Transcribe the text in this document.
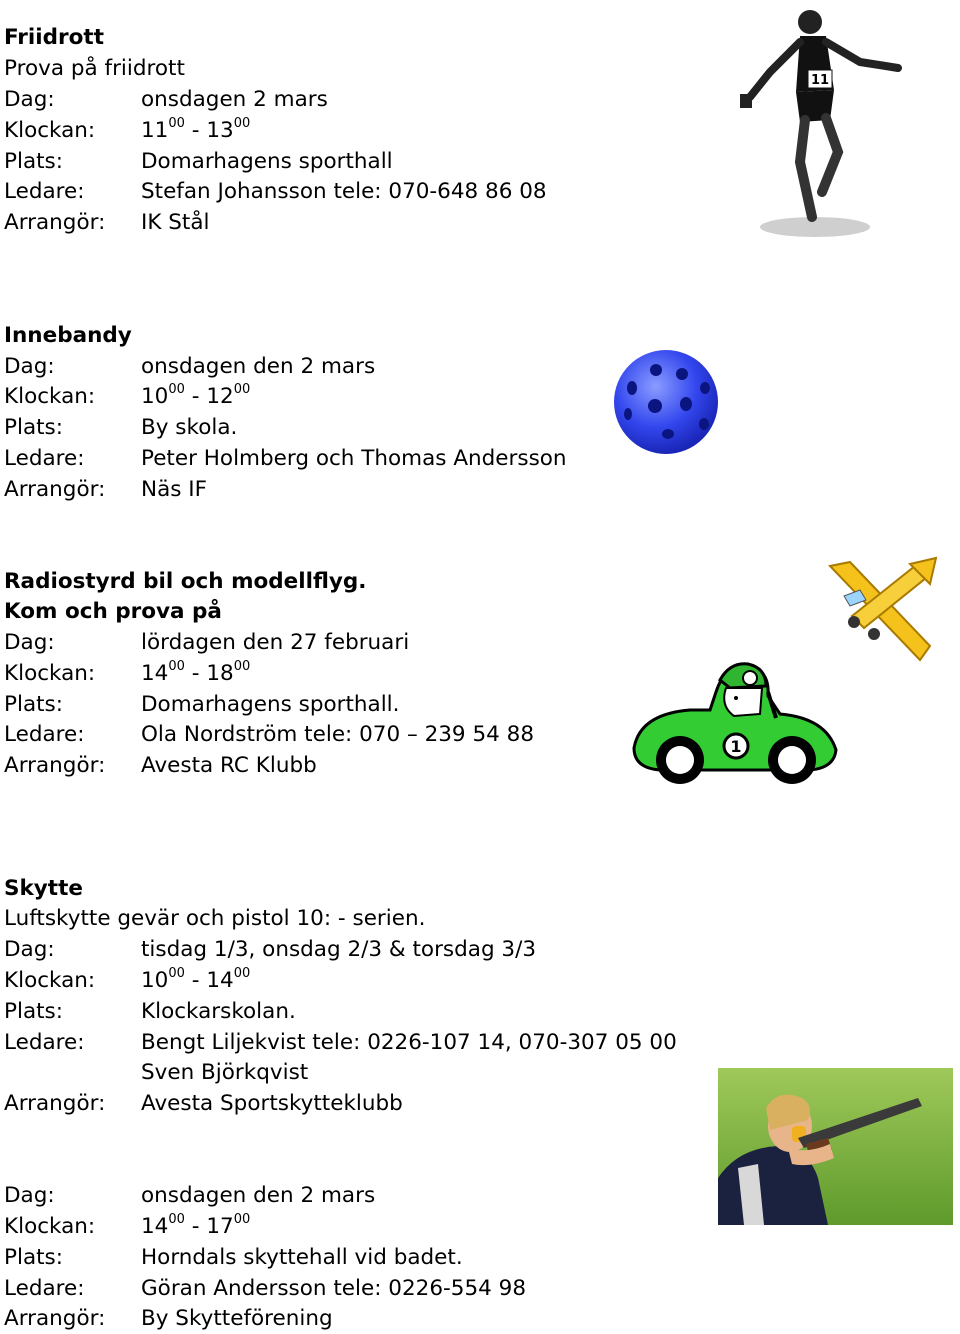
Friidrott
Prova på friidrott
Dag:	onsdagen 2 mars
Klockan: $11^{00} - 13^{00}$
Plats:	Domarhagens sporthall
Ledare:	Stefan Johansson tele: 070-648 86 08
Arrangör: IK Stål
11
Innebandy
Dag:	onsdagen den 2 mars
Klockan: $10^{00} - 12^{00}$
Plats:	By skola.
Ledare:	Peter Holmberg och Thomas Andersson
Arrangör: Näs IF
Radiostyrd bil och modellflyg.
Kom och prova på
Dag:	lördagen den 27 februari
Klockan: $14^{00} - 18^{00}$
Plats:	Domarhagens sporthall.
Ledare:	Ola Nordström tele: 070 – 239 54 88
Arrangör: Avesta RC Klubb
1
Skytte
Luftskytte gevär och pistol 10: - serien.
Dag:	tisdag 1/3, onsdag 2/3 & torsdag 3/3
Klockan: $10^{00} - 14^{00}$
Plats:	Klockarskolan.
Ledare:	Bengt Liljekvist tele: 0226-107 14, 070-307 05 00
Sven Björkqvist
Arrangör: Avesta Sportskytteklubb
Dag:	onsdagen den 2 mars
Klockan: $14^{00} - 17^{00}$
Plats:	Horndals skyttehall vid badet.
Ledare:	Göran Andersson tele: 0226-554 98
Arrangör: By Skytteförening
